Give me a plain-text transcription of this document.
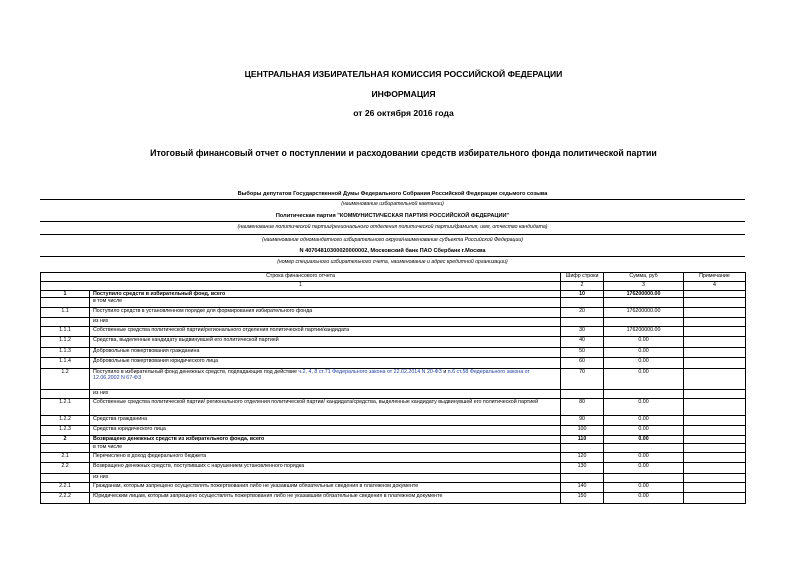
ЦЕНТРАЛЬНАЯ ИЗБИРАТЕЛЬНАЯ КОМИССИЯ РОССИЙСКОЙ ФЕДЕРАЦИИ
ИНФОРМАЦИЯ
от 26 октября 2016 года
Итоговый финансовый отчет о поступлении и расходовании средств избирательного фонда политической партии
Выборы депутатов Государственной Думы Федерального Собрания Российской Федерации седьмого созыва
(наименование избирательной кампании)
Политическая партия "КОММУНИСТИЧЕСКАЯ ПАРТИЯ РОССИЙСКОЙ ФЕДЕРАЦИИ"
(наименование политической партии/регионального отделения политической партии/фамилия, имя, отчество кандидата)
(наименование одномандатного избирательного округа/наименование субъекта Российской Федерации)
N 40704810300020000002, Московский банк ПАО Сбербанк г.Москва
(номер специального избирательного счета, наименование и адрес кредитной организации)
Строка финансового отчета		Шифр строки	Сумма, руб	Примечание
1		2	3	4
1	Поступило средств в избирательный фонд, всего	10	176200000.00	
	в том числе			
1.1	Поступило средств в установленном порядке для формирования избирательного фонда	20	176200000.00	
	из них			
1.1.1	Собственные средства политической партии/регионального отделения политической партии/кандидата	30	176200000.00	
1.1.2	Средства, выделенные кандидату выдвинувшей его политической партией	40	0.00	
1.1.3	Добровольные пожертвования гражданина	50	0.00	
1.1.4	Добровольные пожертвования юридического лица	60	0.00	
1.2	Поступило в избирательный фонд денежных средств, подпадающих под действие ч.2, 4, 8 ст.71 Федерального закона от 22.02.2014 N 20-ФЗ и п.6 ст.58 Федерального закона от 12.06.2002 N 67-ФЗ	70	0.00	
	из них			
1.2.1	Собственные средства политической партии/ регионального отделения политической партии/ кандидата/средства, выделенные кандидату выдвинувшей его политической партией	80	0.00	
1.2.2	Средства гражданина	90	0.00	
1.2.3	Средства юридического лица	100	0.00	
2	Возвращено денежных средств из избирательного фонда, всего	110	0.00	
	в том числе			
2.1	Перечислено в доход федерального бюджета	120	0.00	
2.2	Возвращено денежных средств, поступивших с нарушением установленного порядка	130	0.00	
	из них			
2.2.1	Гражданам, которым запрещено осуществлять пожертвования либо не указавшим обязательные сведения в платежном документе	140	0.00	
2.2.2	Юридическим лицам, которым запрещено осуществлять пожертвования либо не указавшим обязательные сведения в платежном документе	150	0.00	
